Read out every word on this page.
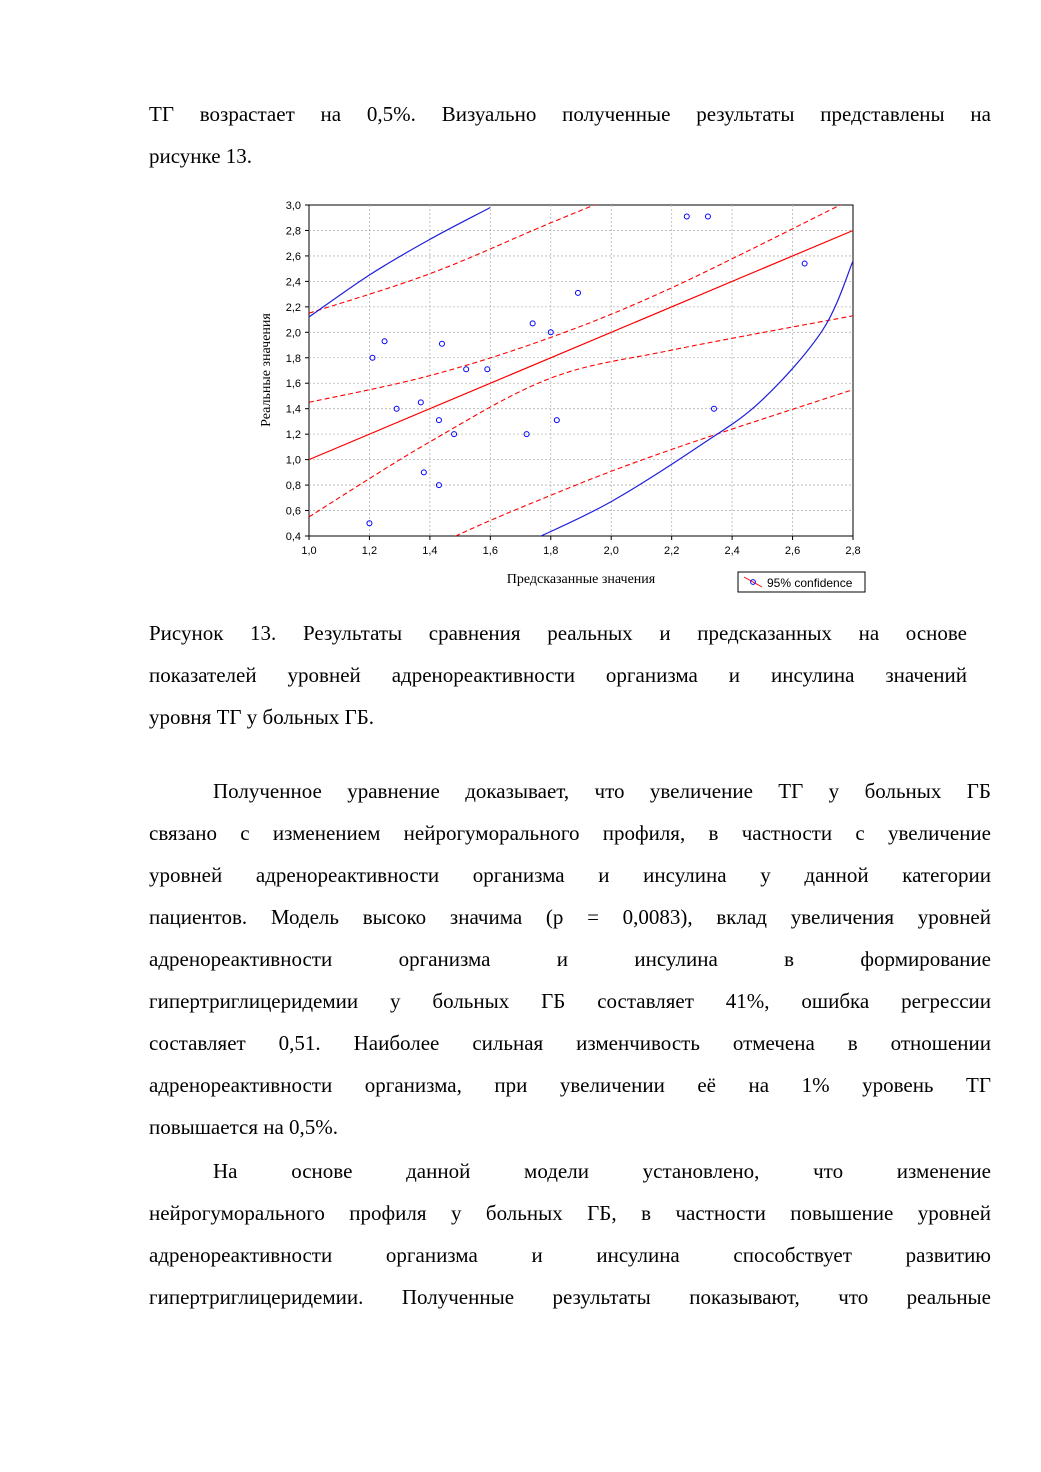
ТГ возрастает на 0,5%. Визуально полученные результаты представлены на
рисунке 13.
1,0	1,2	1,4	1,6	1,8	2,0	2,2	2,4	2,6	2,8
0,4
0,6
0,8
1,0
1,2
1,4
1,6
1,8
2,0
2,2
2,4
2,6
2,8
3,0
Предсказанные значения
Реальные значения
95% confidence
Рисунок 13. Результаты сравнения реальных и предсказанных на основе
показателей уровней адренореактивности организма и инсулина значений
уровня ТГ у больных ГБ.
Полученное уравнение доказывает, что увеличение ТГ у больных ГБ
связано с изменением нейрогуморального профиля, в частности с увеличение
уровней адренореактивности организма и инсулина у данной категории
пациентов. Модель высоко значима (p = 0,0083), вклад увеличения уровней
адренореактивности организма и инсулина в формирование
гипертриглицеридемии у больных ГБ составляет 41%, ошибка регрессии
составляет 0,51. Наиболее сильная изменчивость отмечена в отношении
адренореактивности организма, при увеличении её на 1% уровень ТГ
повышается на 0,5%.
На основе данной модели установлено, что изменение
нейрогуморального профиля у больных ГБ, в частности повышение уровней
адренореактивности организма и инсулина способствует развитию
гипертриглицеридемии. Полученные результаты показывают, что реальные
